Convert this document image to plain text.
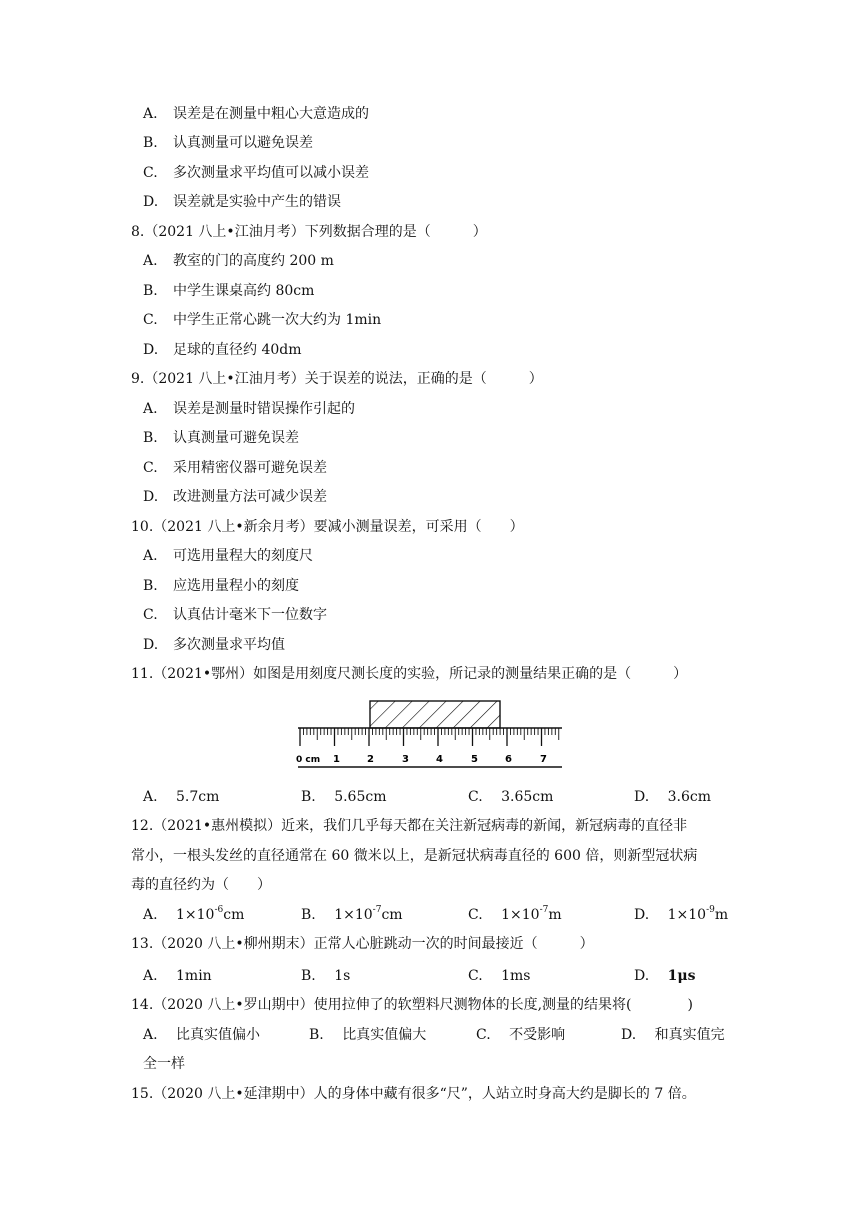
A.	误差是在测量中粗心大意造成的
B.	认真测量可以避免误差
C.	多次测量求平均值可以减小误差
D.	误差就是实验中产生的错误
8.（2021 八上•江油月考）下列数据合理的是（　　　）
A.	教室的门的高度约 200 m
B.	中学生课桌高约 80cm
C.	中学生正常心跳一次大约为 1min
D.	足球的直径约 40dm
9.（2021 八上•江油月考）关于误差的说法，正确的是（　　　）
A.	误差是测量时错误操作引起的
B.	认真测量可避免误差
C.	采用精密仪器可避免误差
D.	改进测量方法可减少误差
10.（2021 八上•新余月考）要减小测量误差，可采用（　　）
A.	可选用量程大的刻度尺
B.	应选用量程小的刻度
C.	认真估计毫米下一位数字
D.	多次测量求平均值
11.（2021•鄂州）如图是用刻度尺测长度的实验，所记录的测量结果正确的是（　　　）
0 cm 1	2	3	4	5	6	7
A. 5.7cm	B. 5.65cm	C. 3.65cm	D. 3.6cm
12.（2021•惠州模拟）近来，我们几乎每天都在关注新冠病毒的新闻，新冠病毒的直径非
常小，一根头发丝的直径通常在 60 微米以上，是新冠状病毒直径的 600 倍，则新型冠状病
毒的直径约为（　　）
A. $1\times 10^{-6}cm$	B. $1\times 10^{-7}cm$	C. $1\times 10^{-7}m$	D. $1\times 10^{-9}m$
13.（2020 八上•柳州期末）正常人心脏跳动一次的时间最接近（　　　）
A. 1min	B. 1s	C. 1ms	D. 1μs
14.（2020 八上•罗山期中）使用拉伸了的软塑料尺测物体的长度,测量的结果将(　　　　)
A. 比真实值偏小	B. 比真实值偏大	C. 不受影响	D. 和真实值完
全一样
15.（2020 八上•延津期中）人的身体中藏有很多“尺”，人站立时身高大约是脚长的 7 倍。
